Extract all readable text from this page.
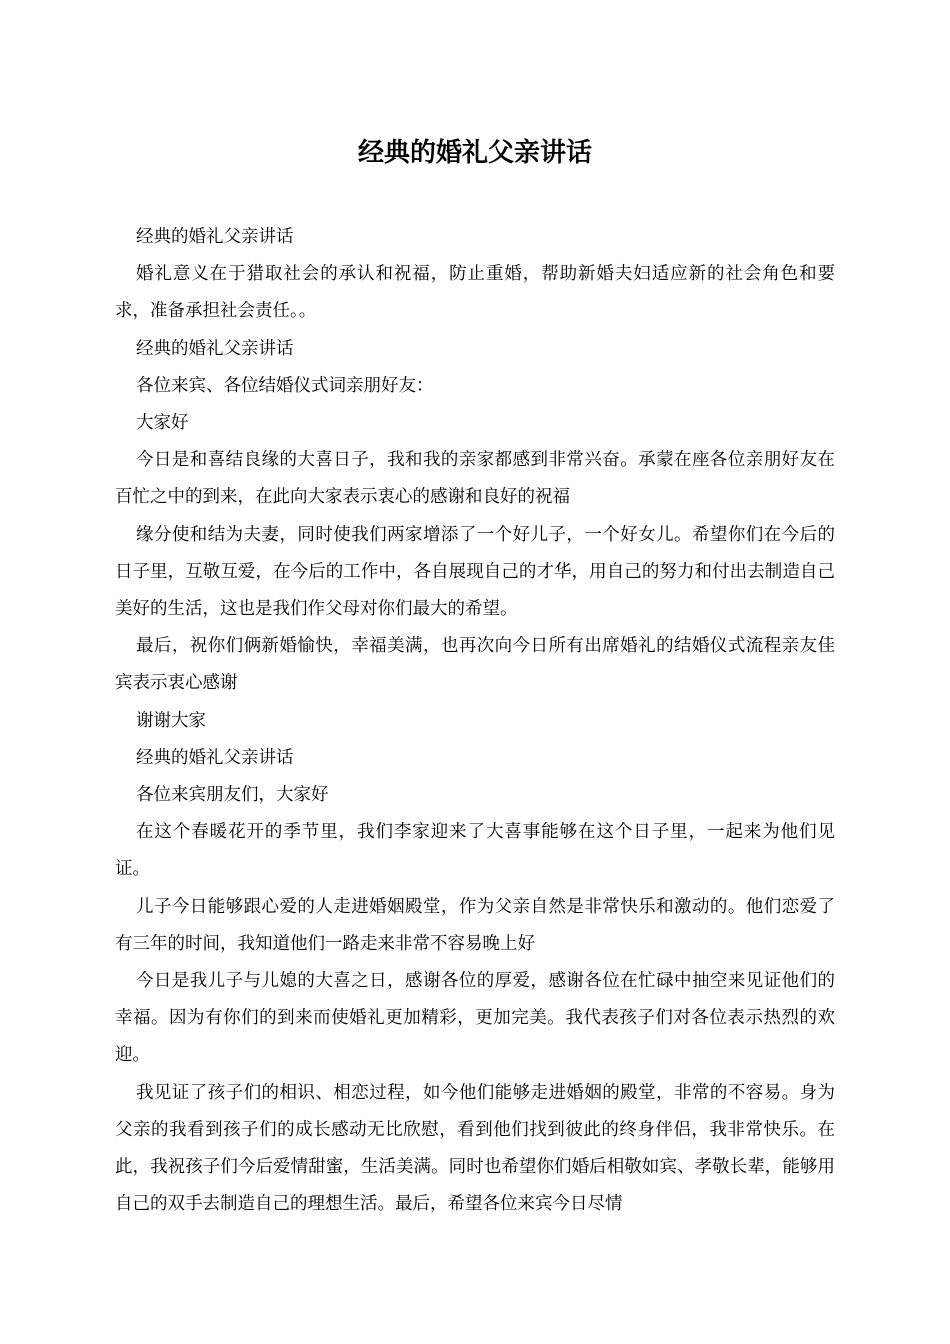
经典的婚礼父亲讲话

经典的婚礼父亲讲话

婚礼意义在于猎取社会的承认和祝福，防止重婚，帮助新婚夫妇适应新的社会角色和要求，准备承担社会责任。。

经典的婚礼父亲讲话

各位来宾、各位结婚仪式词亲朋好友：

大家好

今日是和喜结良缘的大喜日子，我和我的亲家都感到非常兴奋。承蒙在座各位亲朋好友在百忙之中的到来，在此向大家表示衷心的感谢和良好的祝福

缘分使和结为夫妻，同时使我们两家增添了一个好儿子，一个好女儿。希望你们在今后的日子里，互敬互爱，在今后的工作中，各自展现自己的才华，用自己的努力和付出去制造自己美好的生活，这也是我们作父母对你们最大的希望。

最后，祝你们俩新婚愉快，幸福美满，也再次向今日所有出席婚礼的结婚仪式流程亲友佳宾表示衷心感谢

谢谢大家

经典的婚礼父亲讲话

各位来宾朋友们，大家好

在这个春暖花开的季节里，我们李家迎来了大喜事能够在这个日子里，一起来为他们见证。

儿子今日能够跟心爱的人走进婚姻殿堂，作为父亲自然是非常快乐和激动的。他们恋爱了有三年的时间，我知道他们一路走来非常不容易晚上好

今日是我儿子与儿媳的大喜之日，感谢各位的厚爱，感谢各位在忙碌中抽空来见证他们的幸福。因为有你们的到来而使婚礼更加精彩，更加完美。我代表孩子们对各位表示热烈的欢迎。

我见证了孩子们的相识、相恋过程，如今他们能够走进婚姻的殿堂，非常的不容易。身为父亲的我看到孩子们的成长感动无比欣慰，看到他们找到彼此的终身伴侣，我非常快乐。在此，我祝孩子们今后爱情甜蜜，生活美满。同时也希望你们婚后相敬如宾、孝敬长辈，能够用自己的双手去制造自己的理想生活。最后，希望各位来宾今日尽情
